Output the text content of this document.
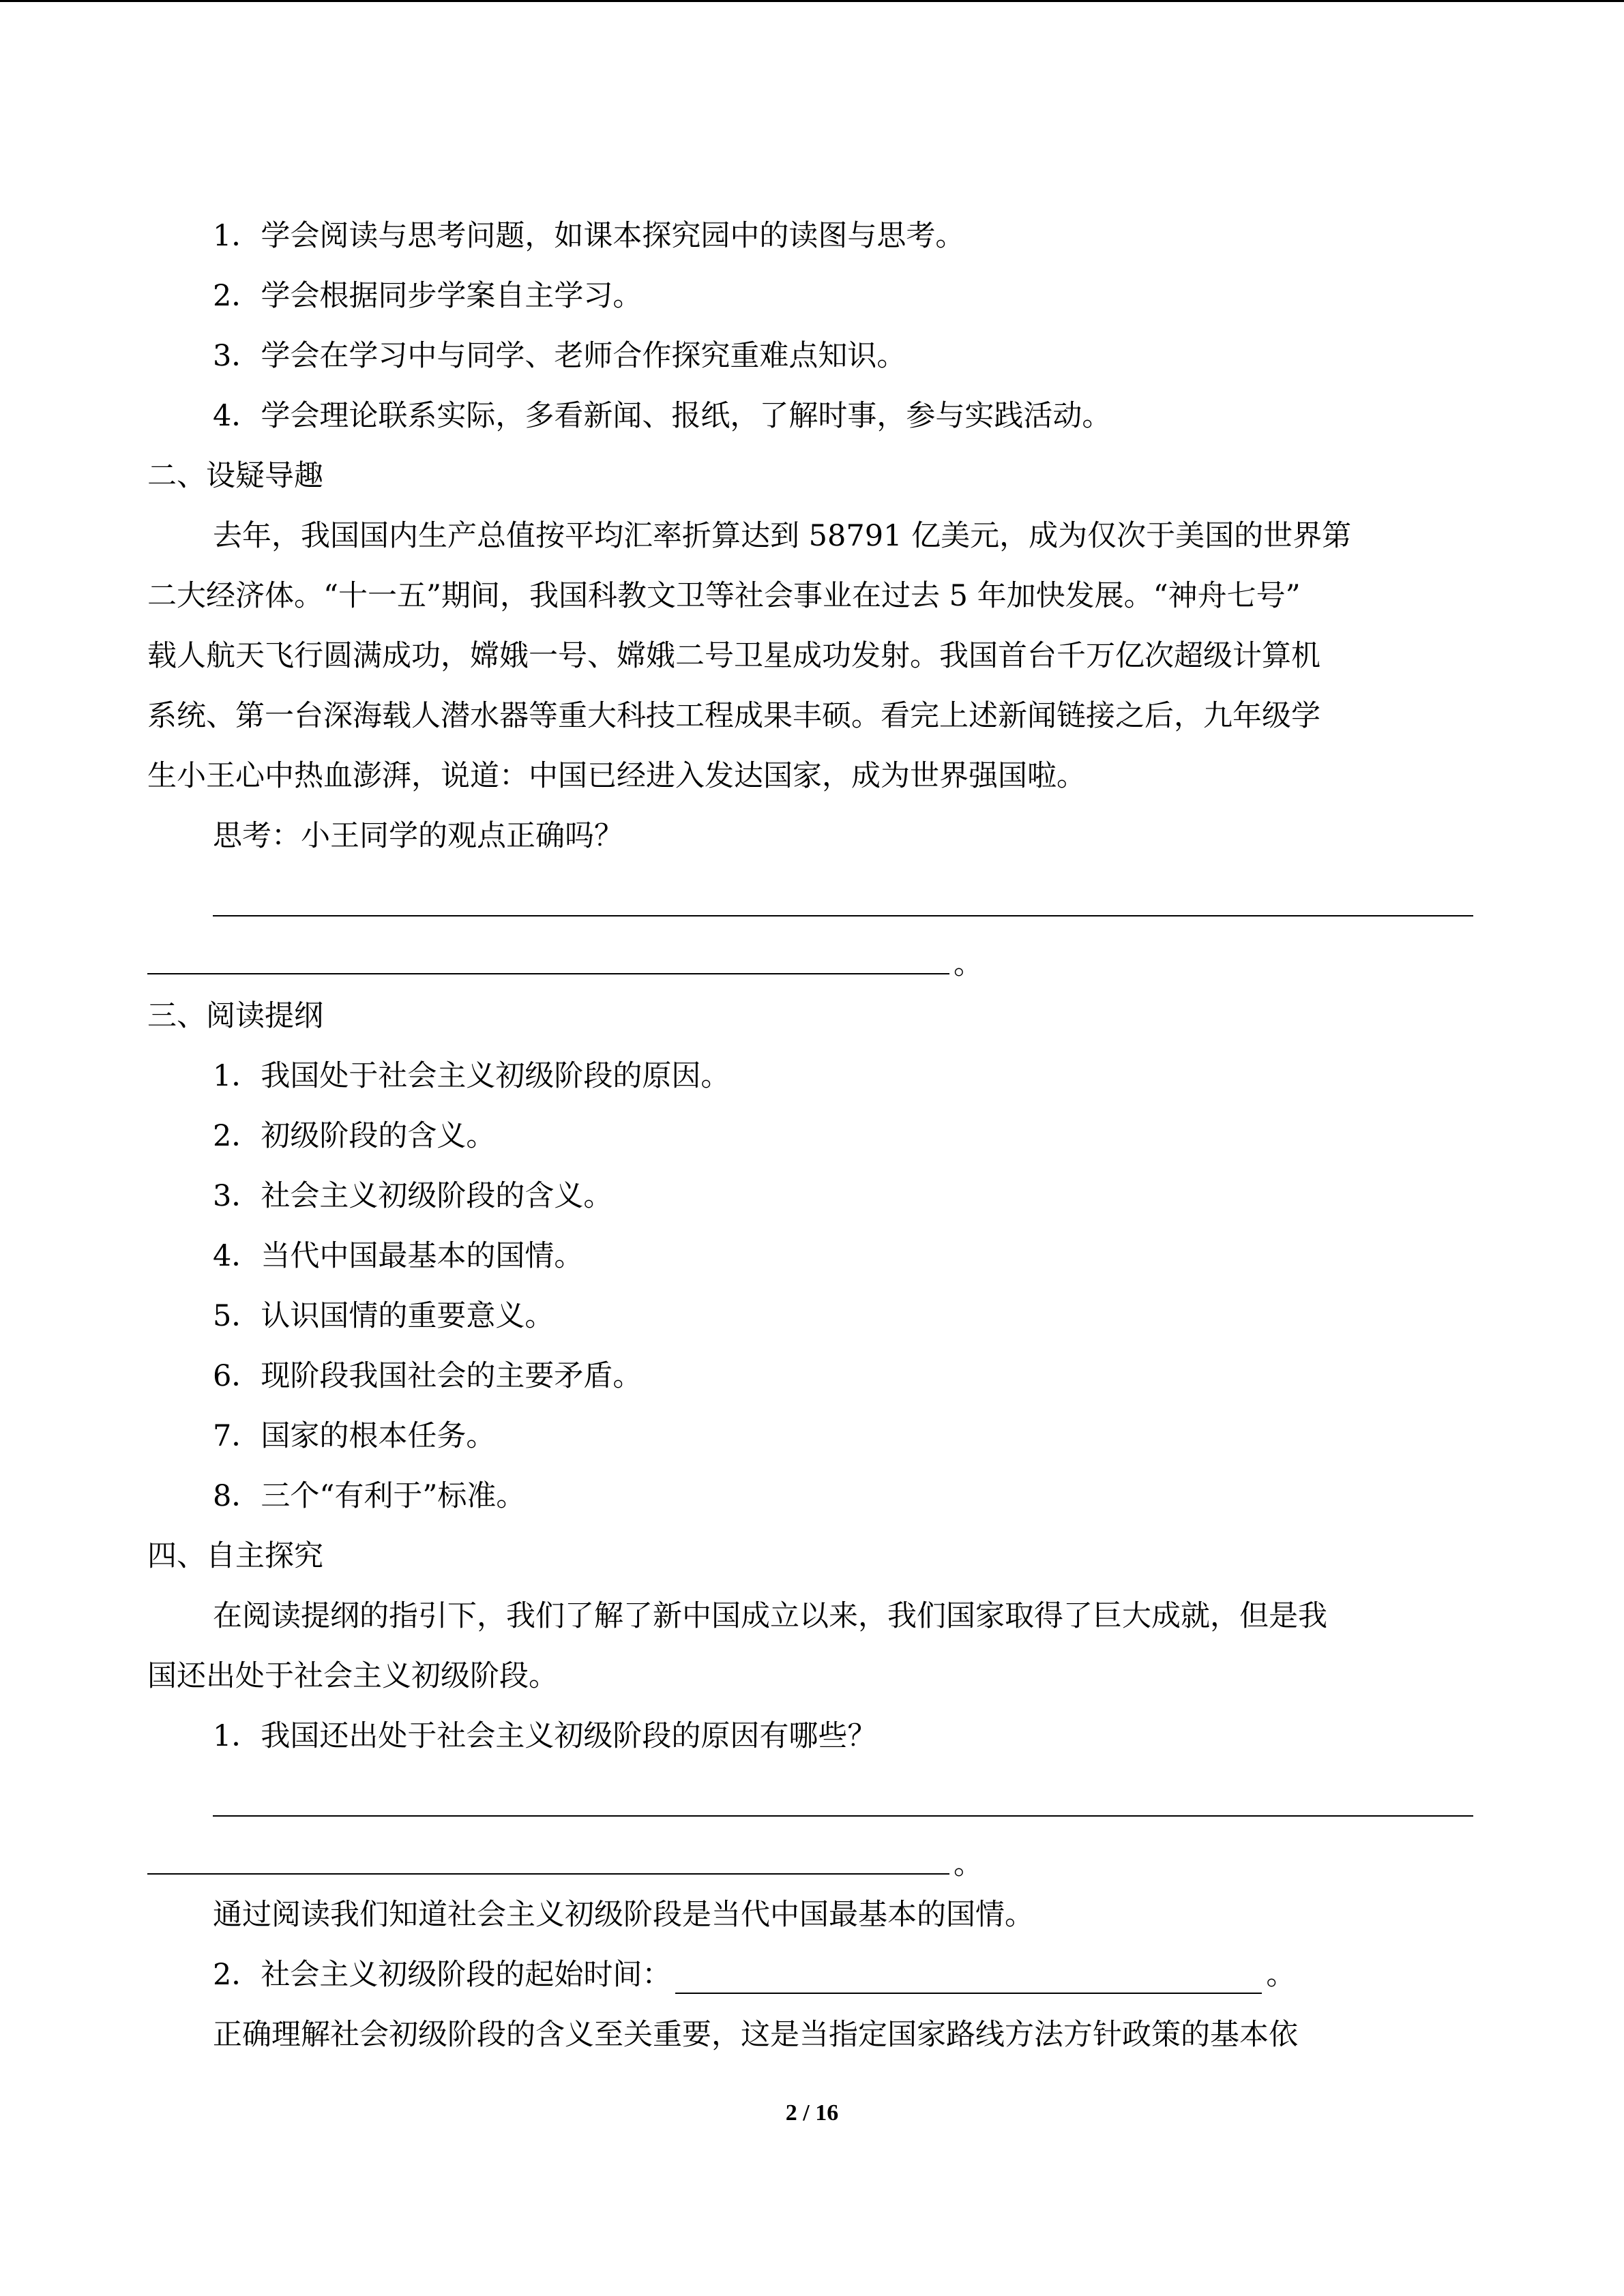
1．学会阅读与思考问题，如课本探究园中的读图与思考。
2．学会根据同步学案自主学习。
3．学会在学习中与同学、老师合作探究重难点知识。
4．学会理论联系实际，多看新闻、报纸，了解时事，参与实践活动。
二、设疑导趣
去年，我国国内生产总值按平均汇率折算达到 58791 亿美元，成为仅次于美国的世界第
二大经济体。“十一五”期间，我国科教文卫等社会事业在过去 5 年加快发展。“神舟七号”
载人航天飞行圆满成功，嫦娥一号、嫦娥二号卫星成功发射。我国首台千万亿次超级计算机
系统、第一台深海载人潜水器等重大科技工程成果丰硕。看完上述新闻链接之后，九年级学
生小王心中热血澎湃，说道：中国已经进入发达国家，成为世界强国啦。
思考：小王同学的观点正确吗？
。
三、阅读提纲
1．我国处于社会主义初级阶段的原因。
2．初级阶段的含义。
3．社会主义初级阶段的含义。
4．当代中国最基本的国情。
5．认识国情的重要意义。
6．现阶段我国社会的主要矛盾。
7．国家的根本任务。
8．三个“有利于”标准。
四、自主探究
在阅读提纲的指引下，我们了解了新中国成立以来，我们国家取得了巨大成就，但是我
国还出处于社会主义初级阶段。
1．我国还出处于社会主义初级阶段的原因有哪些？
。
通过阅读我们知道社会主义初级阶段是当代中国最基本的国情。
2．社会主义初级阶段的起始时间：	。
正确理解社会初级阶段的含义至关重要，这是当指定国家路线方法方针政策的基本依
2 / 16
